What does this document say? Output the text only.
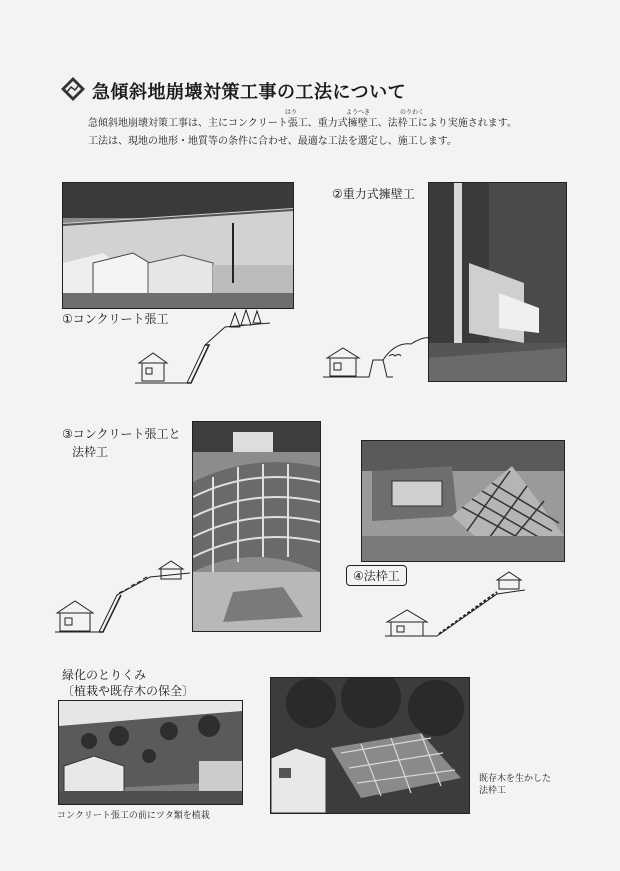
急傾斜地崩壊対策工事の工法について
はり	ようへき	のりわく
急傾斜地崩壊対策工事は、主にコンクリート張工、重力式擁壁工、法枠工により実施されます。
工法は、現地の地形・地質等の条件に合わせ、最適な工法を選定し、施工します。
①コンクリート張工
②重力式擁壁工
③コンクリート張工と
法枠工
④法枠工
緑化のとりくみ
〔植栽や既存木の保全〕
コンクリート張工の前にツタ類を植栽
既存木を生かした
法枠工
